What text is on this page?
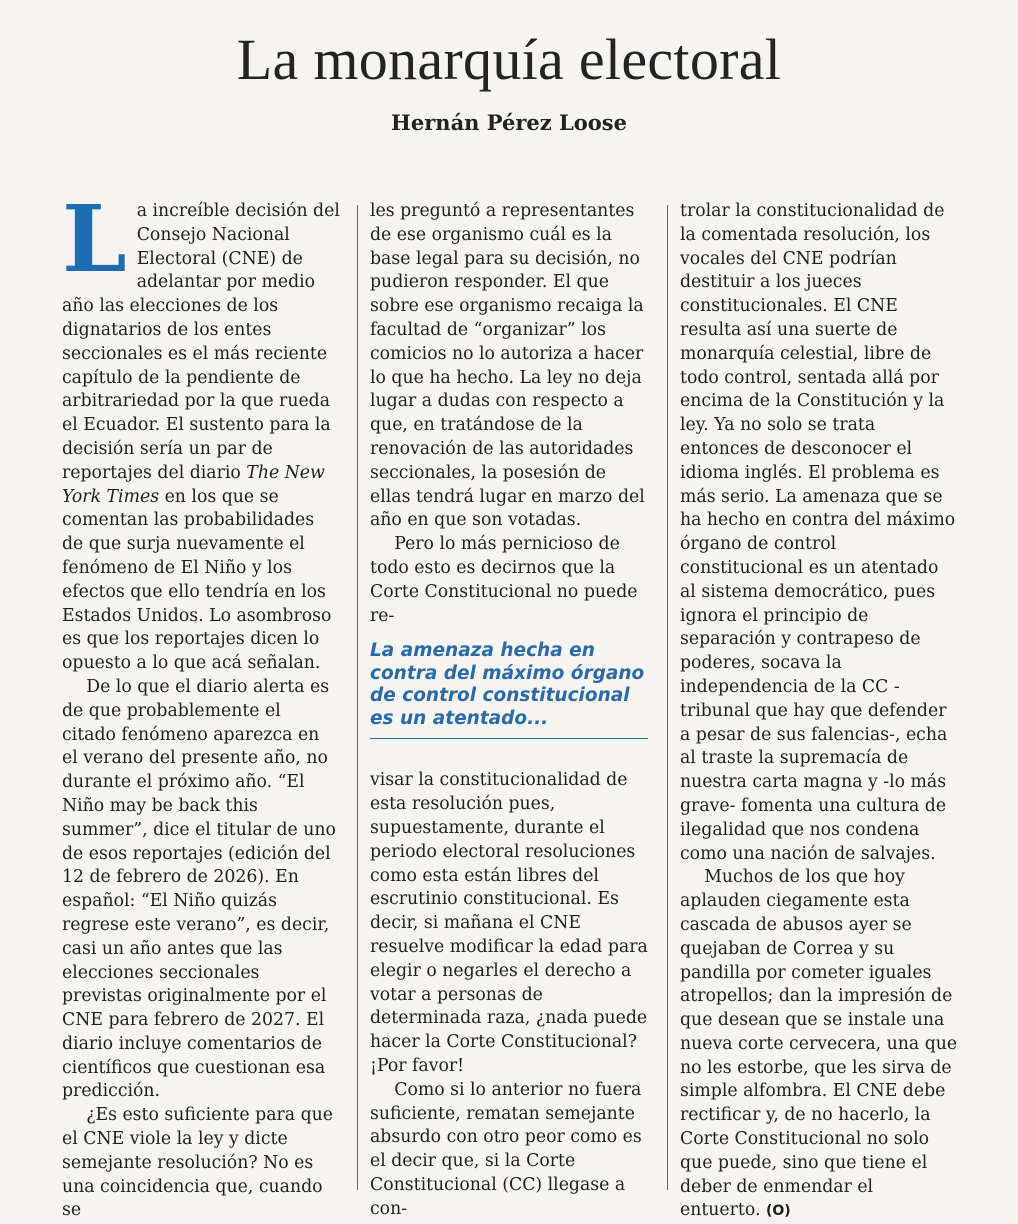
La monarquía electoral
Hernán Pérez Loose

La increíble decisión del Consejo Nacional Electoral (CNE) de adelantar por medio año las elecciones de los dignatarios de los entes seccionales es el más reciente capítulo de la pendiente de arbitrariedad por la que rueda el Ecuador. El sustento para la decisión sería un par de reportajes del diario The New York Times en los que se comentan las probabilidades de que surja nuevamente el fenómeno de El Niño y los efectos que ello tendría en los Estados Unidos. Lo asombroso es que los reportajes dicen lo opuesto a lo que acá señalan.

De lo que el diario alerta es de que probablemente el citado fenómeno aparezca en el verano del presente año, no durante el próximo año. “El Niño may be back this summer”, dice el titular de uno de esos reportajes (edición del 12 de febrero de 2026). En español: “El Niño quizás regrese este verano”, es decir, casi un año antes que las elecciones seccionales previstas originalmente por el CNE para febrero de 2027. El diario incluye comentarios de científicos que cuestionan esa predicción.

¿Es esto suficiente para que el CNE viole la ley y dicte semejante resolución? No es una coincidencia que, cuando se

les preguntó a representantes de ese organismo cuál es la base legal para su decisión, no pudieron responder. El que sobre ese organismo recaiga la facultad de “organizar” los comicios no lo autoriza a hacer lo que ha hecho. La ley no deja lugar a dudas con respecto a que, en tratándose de la renovación de las autoridades seccionales, la posesión de ellas tendrá lugar en marzo del año en que son votadas.

Pero lo más pernicioso de todo esto es decirnos que la Corte Constitucional no puede re-

La amenaza hecha en contra del máximo órgano de control constitucional es un atentado...

visar la constitucionalidad de esta resolución pues, supuestamente, durante el periodo electoral resoluciones como esta están libres del escrutinio constitucional. Es decir, si mañana el CNE resuelve modificar la edad para elegir o negarles el derecho a votar a personas de determinada raza, ¿nada puede hacer la Corte Constitucional? ¡Por favor!

Como si lo anterior no fuera suficiente, rematan semejante absurdo con otro peor como es el decir que, si la Corte Constitucional (CC) llegase a con-

trolar la constitucionalidad de la comentada resolución, los vocales del CNE podrían destituir a los jueces constitucionales. El CNE resulta así una suerte de monarquía celestial, libre de todo control, sentada allá por encima de la Constitución y la ley. Ya no solo se trata entonces de desconocer el idioma inglés. El problema es más serio. La amenaza que se ha hecho en contra del máximo órgano de control constitucional es un atentado al sistema democrático, pues ignora el principio de separación y contrapeso de poderes, socava la independencia de la CC -tribunal que hay que defender a pesar de sus falencias-, echa al traste la supremacía de nuestra carta magna y -lo más grave- fomenta una cultura de ilegalidad que nos condena como una nación de salvajes.

Muchos de los que hoy aplauden ciegamente esta cascada de abusos ayer se quejaban de Correa y su pandilla por cometer iguales atropellos; dan la impresión de que desean que se instale una nueva corte cervecera, una que no les estorbe, que les sirva de simple alfombra. El CNE debe rectificar y, de no hacerlo, la Corte Constitucional no solo que puede, sino que tiene el deber de enmendar el entuerto. (O)
